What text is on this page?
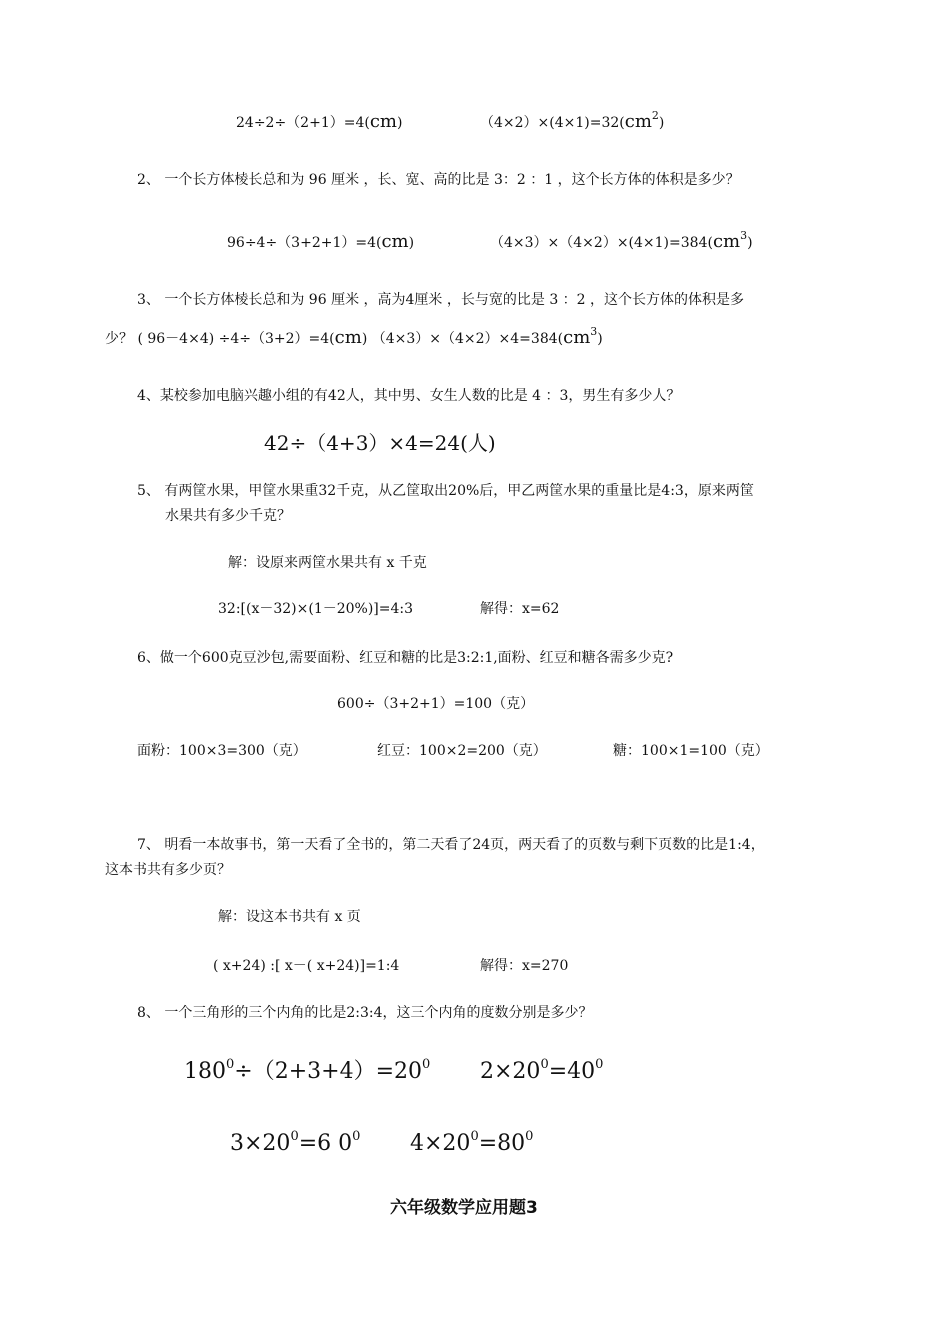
24÷2÷（2+1）=4(cm)	$(4\times 2)\times(4\times 1)=32(cm^2)$
2、 一个长方体棱长总和为 96 厘米 ，长、宽、高的比是 3：2 ：1 ，这个长方体的体积是多少？
96÷4÷（3+2+1）=4(cm)	$(4\times 3)\times(4\times 2)\times(4\times 1)=384(cm^3)$
3、 一个长方体棱长总和为 96 厘米 ，高为4厘米 ，长与宽的比是 3 ：2 ，这个长方体的体积是多
少？ ( 96－4×4) ÷4÷（3+2）=4(cm) $(4\times 3)\times(4\times 2)\times 4=384(cm^3)$
4、某校参加电脑兴趣小组的有42人，其中男、女生人数的比是 4 ：3，男生有多少人？
42÷（4+3）×4=24(人)
5、 有两筐水果，甲筐水果重32千克，从乙筐取出20%后，甲乙两筐水果的重量比是4:3，原来两筐
水果共有多少千克？
解：设原来两筐水果共有 x 千克
32:[(x－32)×(1－20%)]=4:3	解得：x=62
6、做一个600克豆沙包,需要面粉、红豆和糖的比是3:2:1,面粉、红豆和糖各需多少克?
600÷（3+2+1）=100（克）
面粉：100×3=300（克）	红豆：100×2=200（克）	糖：100×1=100（克）
7、 明看一本故事书，第一天看了全书的，第二天看了24页，两天看了的页数与剩下页数的比是1:4，
这本书共有多少页？
解：设这本书共有 x 页
( x+24) :[ x－( x+24)]=1:4	解得：x=270
8、 一个三角形的三个内角的比是2:3:4，这三个内角的度数分别是多少？
$180^0\div(2+3+4)=20^0$ $2\times 20^0=40^0$
$3\times 20^0=6$ $0^0$ $4\times 20^0=80^0$
六年级数学应用题3
